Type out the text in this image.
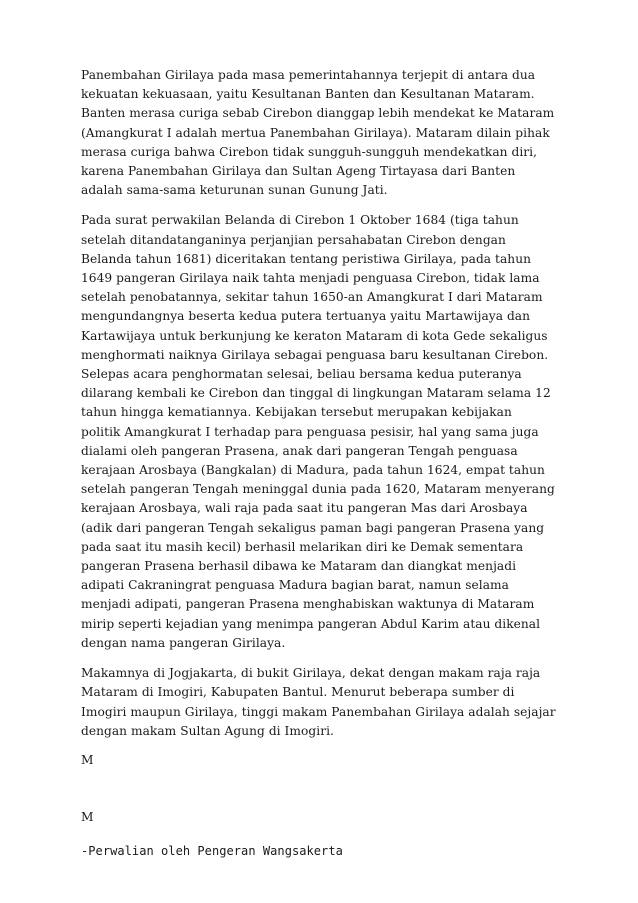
Panembahan Girilaya pada masa pemerintahannya terjepit di antara dua
kekuatan kekuasaan, yaitu Kesultanan Banten dan Kesultanan Mataram.
Banten merasa curiga sebab Cirebon dianggap lebih mendekat ke Mataram
(Amangkurat I adalah mertua Panembahan Girilaya). Mataram dilain pihak
merasa curiga bahwa Cirebon tidak sungguh-sungguh mendekatkan diri,
karena Panembahan Girilaya dan Sultan Ageng Tirtayasa dari Banten
adalah sama-sama keturunan sunan Gunung Jati.

Pada surat perwakilan Belanda di Cirebon 1 Oktober 1684 (tiga tahun
setelah ditandatanganinya perjanjian persahabatan Cirebon dengan
Belanda tahun 1681) diceritakan tentang peristiwa Girilaya, pada tahun
1649 pangeran Girilaya naik tahta menjadi penguasa Cirebon, tidak lama
setelah penobatannya, sekitar tahun 1650-an Amangkurat I dari Mataram
mengundangnya beserta kedua putera tertuanya yaitu Martawijaya dan
Kartawijaya untuk berkunjung ke keraton Mataram di kota Gede sekaligus
menghormati naiknya Girilaya sebagai penguasa baru kesultanan Cirebon.
Selepas acara penghormatan selesai, beliau bersama kedua puteranya
dilarang kembali ke Cirebon dan tinggal di lingkungan Mataram selama 12
tahun hingga kematiannya. Kebijakan tersebut merupakan kebijakan
politik Amangkurat I terhadap para penguasa pesisir, hal yang sama juga
dialami oleh pangeran Prasena, anak dari pangeran Tengah penguasa
kerajaan Arosbaya (Bangkalan) di Madura, pada tahun 1624, empat tahun
setelah pangeran Tengah meninggal dunia pada 1620, Mataram menyerang
kerajaan Arosbaya, wali raja pada saat itu pangeran Mas dari Arosbaya
(adik dari pangeran Tengah sekaligus paman bagi pangeran Prasena yang
pada saat itu masih kecil) berhasil melarikan diri ke Demak sementara
pangeran Prasena berhasil dibawa ke Mataram dan diangkat menjadi
adipati Cakraningrat penguasa Madura bagian barat, namun selama
menjadi adipati, pangeran Prasena menghabiskan waktunya di Mataram
mirip seperti kejadian yang menimpa pangeran Abdul Karim atau dikenal
dengan nama pangeran Girilaya.

Makamnya di Jogjakarta, di bukit Girilaya, dekat dengan makam raja raja
Mataram di Imogiri, Kabupaten Bantul. Menurut beberapa sumber di
Imogiri maupun Girilaya, tinggi makam Panembahan Girilaya adalah sejajar
dengan makam Sultan Agung di Imogiri.

M

M

-Perwalian oleh Pengeran Wangsakerta
